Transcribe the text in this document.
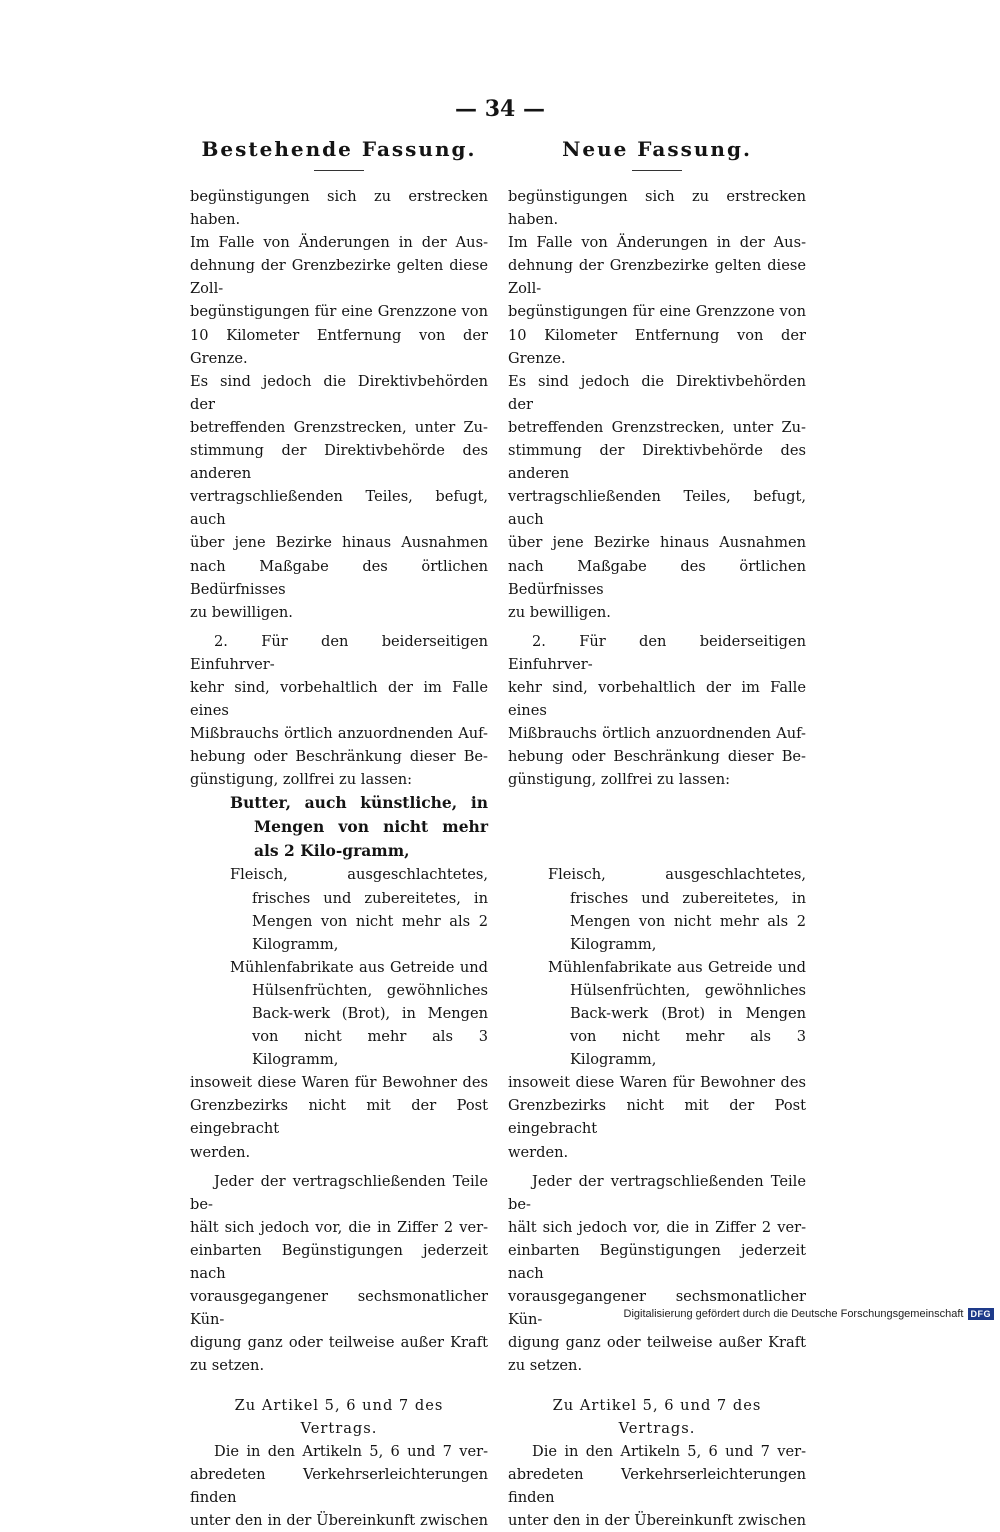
— 34 —
Bestehende Fassung.

begünstigungen sich zu erstrecken haben.

Im Falle von Änderungen in der Aus-

dehnung der Grenzbezirke gelten diese Zoll-

begünstigungen für eine Grenzzone von

10 Kilometer Entfernung von der Grenze.

Es sind jedoch die Direktivbehörden der

betreffenden Grenzstrecken, unter Zu-

stimmung der Direktivbehörde des anderen

vertragschließenden Teiles, befugt, auch

über jene Bezirke hinaus Ausnahmen

nach Maßgabe des örtlichen Bedürfnisses

zu bewilligen.

2. Für den beiderseitigen Einfuhrver-

kehr sind, vorbehaltlich der im Falle eines

Mißbrauchs örtlich anzuordnenden Auf-

hebung oder Beschränkung dieser Be-

günstigung, zollfrei zu lassen:

Butter, auch künstliche, in Mengen von nicht mehr als 2 Kilo-gramm,

Fleisch, ausgeschlachtetes, frisches und zubereitetes, in Mengen von nicht mehr als 2 Kilogramm,

Mühlenfabrikate aus Getreide und Hülsenfrüchten, gewöhnliches Back-werk (Brot), in Mengen von nicht mehr als 3 Kilogramm,

insoweit diese Waren für Bewohner des

Grenzbezirks nicht mit der Post eingebracht

werden.

Jeder der vertragschließenden Teile be-

hält sich jedoch vor, die in Ziffer 2 ver-

einbarten Begünstigungen jederzeit nach

vorausgegangener sechsmonatlicher Kün-

digung ganz oder teilweise außer Kraft

zu setzen.

Zu Artikel 5, 6 und 7 des

Vertrags.

Die in den Artikeln 5, 6 und 7 ver-

abredeten Verkehrserleichterungen finden

unter den in der Übereinkunft zwischen

Neue Fassung.

begünstigungen sich zu erstrecken haben.

Im Falle von Änderungen in der Aus-

dehnung der Grenzbezirke gelten diese Zoll-

begünstigungen für eine Grenzzone von

10 Kilometer Entfernung von der Grenze.

Es sind jedoch die Direktivbehörden der

betreffenden Grenzstrecken, unter Zu-

stimmung der Direktivbehörde des anderen

vertragschließenden Teiles, befugt, auch

über jene Bezirke hinaus Ausnahmen

nach Maßgabe des örtlichen Bedürfnisses

zu bewilligen.

2. Für den beiderseitigen Einfuhrver-

kehr sind, vorbehaltlich der im Falle eines

Mißbrauchs örtlich anzuordnenden Auf-

hebung oder Beschränkung dieser Be-

günstigung, zollfrei zu lassen:

Fleisch, ausgeschlachtetes, frisches und zubereitetes, in Mengen von nicht mehr als 2 Kilogramm,

Mühlenfabrikate aus Getreide und Hülsenfrüchten, gewöhnliches Back-werk (Brot) in Mengen von nicht mehr als 3 Kilogramm,

insoweit diese Waren für Bewohner des

Grenzbezirks nicht mit der Post eingebracht

werden.

Jeder der vertragschließenden Teile be-

hält sich jedoch vor, die in Ziffer 2 ver-

einbarten Begünstigungen jederzeit nach

vorausgegangener sechsmonatlicher Kün-

digung ganz oder teilweise außer Kraft

zu setzen.

Zu Artikel 5, 6 und 7 des

Vertrags.

Die in den Artikeln 5, 6 und 7 ver-

abredeten Verkehrserleichterungen finden

unter den in der Übereinkunft zwischen

Digitalisierung gefördert durch die Deutsche Forschungsgemeinschaft DFG
